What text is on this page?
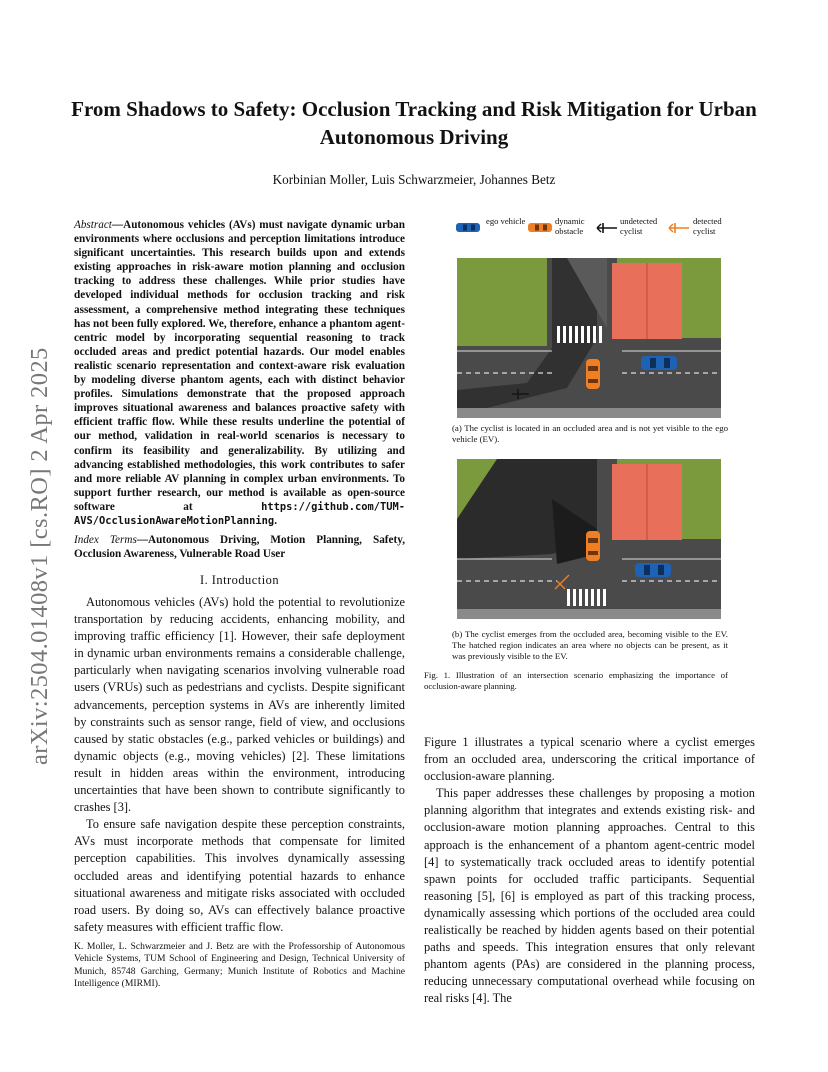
arXiv:2504.01408v1 [cs.RO] 2 Apr 2025
From Shadows to Safety: Occlusion Tracking and Risk Mitigation for Urban Autonomous Driving
Korbinian Moller, Luis Schwarzmeier, Johannes Betz
Abstract—Autonomous vehicles (AVs) must navigate dynamic urban environments where occlusions and perception limitations introduce significant uncertainties. This research builds upon and extends existing approaches in risk-aware motion planning and occlusion tracking to address these challenges. While prior studies have developed individual methods for occlusion tracking and risk assessment, a comprehensive method integrating these techniques has not been fully explored. We, therefore, enhance a phantom agent-centric model by incorporating sequential reasoning to track occluded areas and predict potential hazards. Our model enables realistic scenario representation and context-aware risk evaluation by modeling diverse phantom agents, each with distinct behavior profiles. Simulations demonstrate that the proposed approach improves situational awareness and balances proactive safety with efficient traffic flow. While these results underline the potential of our method, validation in real-world scenarios is necessary to confirm its feasibility and generalizability. By utilizing and advancing established methodologies, this work contributes to safer and more reliable AV planning in complex urban environments. To support further research, our method is available as open-source software at https://github.com/TUM-AVS/OcclusionAwareMotionPlanning.
Index Terms—Autonomous Driving, Motion Planning, Safety, Occlusion Awareness, Vulnerable Road User
I. Introduction

Autonomous vehicles (AVs) hold the potential to revolutionize transportation by reducing accidents, enhancing mobility, and improving traffic efficiency [1]. However, their safe deployment in dynamic urban environments remains a considerable challenge, particularly when navigating scenarios involving vulnerable road users (VRUs) such as pedestrians and cyclists. Despite significant advancements, perception systems in AVs are inherently limited by constraints such as sensor range, field of view, and occlusions caused by static obstacles (e.g., parked vehicles or buildings) and dynamic objects (e.g., moving vehicles) [2]. These limitations result in hidden areas within the environment, introducing uncertainties that have been shown to contribute significantly to crashes [3].

To ensure safe navigation despite these perception constraints, AVs must incorporate methods that compensate for limited perception capabilities. This involves dynamically assessing occluded areas and identifying potential hazards to enhance situational awareness and mitigate risks associated with occluded road users. By doing so, AVs can effectively balance proactive safety measures with efficient traffic flow.

K. Moller, L. Schwarzmeier and J. Betz are with the Professorship of Autonomous Vehicle Systems, TUM School of Engineering and Design, Technical University of Munich, 85748 Garching, Germany; Munich Institute of Robotics and Machine Intelligence (MIRMI).
ego vehicle	dynamic obstacle
undetected cyclist
detected cyclist
(a) The cyclist is located in an occluded area and is not yet visible to the ego vehicle (EV).
(b) The cyclist emerges from the occluded area, becoming visible to the EV. The hatched region indicates an area where no objects can be present, as it was previously visible to the EV.
Fig. 1. Illustration of an intersection scenario emphasizing the importance of occlusion-aware planning.

Figure 1 illustrates a typical scenario where a cyclist emerges from an occluded area, underscoring the critical importance of occlusion-aware planning.

This paper addresses these challenges by proposing a motion planning algorithm that integrates and extends existing risk- and occlusion-aware motion planning approaches. Central to this approach is the enhancement of a phantom agent-centric model [4] to systematically track occluded areas to identify potential spawn points for occluded traffic participants. Sequential reasoning [5], [6] is employed as part of this tracking process, dynamically assessing which portions of the occluded area could realistically be reached by hidden agents based on their potential paths and speeds. This integration ensures that only relevant phantom agents (PAs) are considered in the planning process, reducing unnecessary computational overhead while focusing on real risks [4]. The
